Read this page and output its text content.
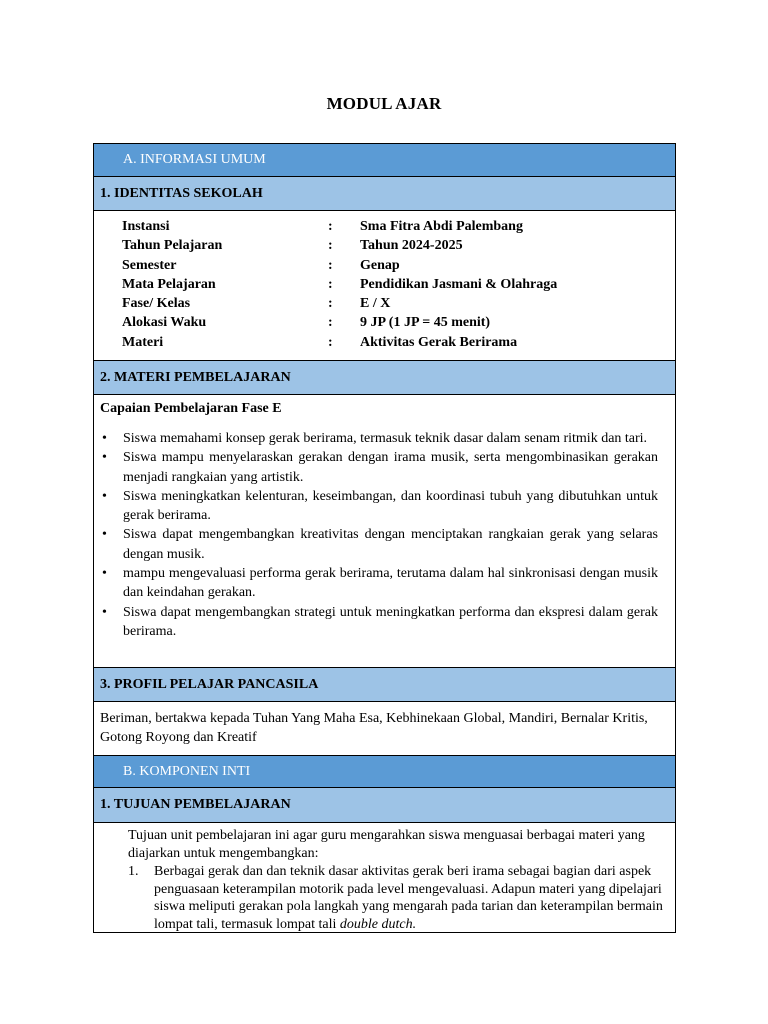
MODUL AJAR
A. INFORMASI UMUM
1. IDENTITAS SEKOLAH
Instansi	: Sma Fitra Abdi Palembang
Tahun Pelajaran	: Tahun 2024-2025
Semester	: Genap
Mata Pelajaran	: Pendidikan Jasmani & Olahraga
Fase/ Kelas	: E / X
Alokasi Waku	: 9 JP (1 JP = 45 menit)
Materi	: Aktivitas Gerak Berirama
2. MATERI PEMBELAJARAN
Capaian Pembelajaran Fase E
• Siswa memahami konsep gerak berirama, termasuk teknik dasar dalam senam ritmik dan tari.
• Siswa mampu menyelaraskan gerakan dengan irama musik, serta mengombinasikan gerakan menjadi rangkaian yang artistik.
• Siswa meningkatkan kelenturan, keseimbangan, dan koordinasi tubuh yang dibutuhkan untuk gerak berirama.
• Siswa dapat mengembangkan kreativitas dengan menciptakan rangkaian gerak yang selaras dengan musik.
• mampu mengevaluasi performa gerak berirama, terutama dalam hal sinkronisasi dengan musik dan keindahan gerakan.
• Siswa dapat mengembangkan strategi untuk meningkatkan performa dan ekspresi dalam gerak berirama.
3. PROFIL PELAJAR PANCASILA
Beriman, bertakwa kepada Tuhan Yang Maha Esa, Kebhinekaan Global, Mandiri, Bernalar Kritis, Gotong Royong dan Kreatif
B. KOMPONEN INTI
1. TUJUAN PEMBELAJARAN
Tujuan unit pembelajaran ini agar guru mengarahkan siswa menguasai berbagai materi yang diajarkan untuk mengembangkan:
1. Berbagai gerak dan dan teknik dasar aktivitas gerak beri irama sebagai bagian dari aspek penguasaan keterampilan motorik pada level mengevaluasi. Adapun materi yang dipelajari siswa meliputi gerakan pola langkah yang mengarah pada tarian dan keterampilan bermain lompat tali, termasuk lompat tali double dutch.
